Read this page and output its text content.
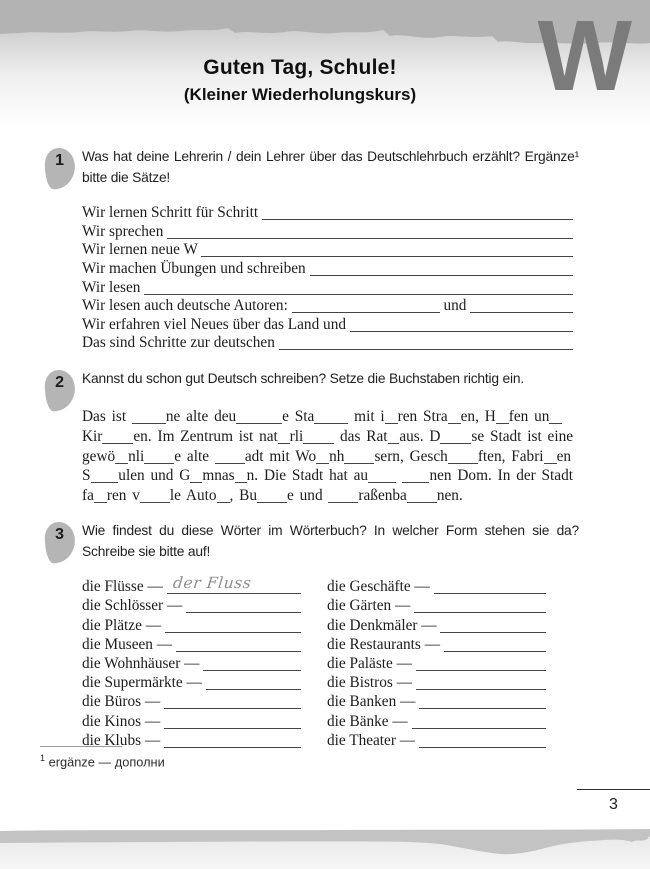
Guten Tag, Schule!
(Kleiner Wiederholungskurs)	W
1	Was hat deine Lehrerin / dein Lehrer über das Deutschlehrbuch erzählt? Ergänze¹ bitte die Sätze!
Wir lernen Schritt für Schritt
Wir sprechen
Wir lernen neue W
Wir machen Übungen und schreiben
Wir lesen
Wir lesen auch deutsche Autoren:	und
Wir erfahren viel Neues über das Land und
Das sind Schritte zur deutschen
2	Kannst du schon gut Deutsch schreiben? Setze die Buchstaben richtig ein.
Das ist ne alte deu	e Sta mit i ren Stra en, H fen un
Kir en. Im Zentrum ist nat rli das Rat aus. D se Stadt ist eine
gewö nli e alte adt mit Wo nh sern, Gesch ften, Fabri en
S ulen und G mnas n. Die Stadt hat au
	nen Dom. In der Stadt
fa ren v le Auto , Bu e und raßenba nen.
3	Wie findest du diese Wörter im Wörterbuch? In welcher Form stehen sie da? Schreibe sie bitte auf!
die Flüsse — der Fluss
die Schlösser —
die Plätze —
die Museen —
die Wohnhäuser —
die Supermärkte —
die Büros —
die Kinos —
die Klubs —
die Geschäfte —
die Gärten —
die Denkmäler —
die Restaurants —
die Paläste —
die Bistros —
die Banken —
die Bänke —
die Theater —
$^1$ ergänze — дополни
3
